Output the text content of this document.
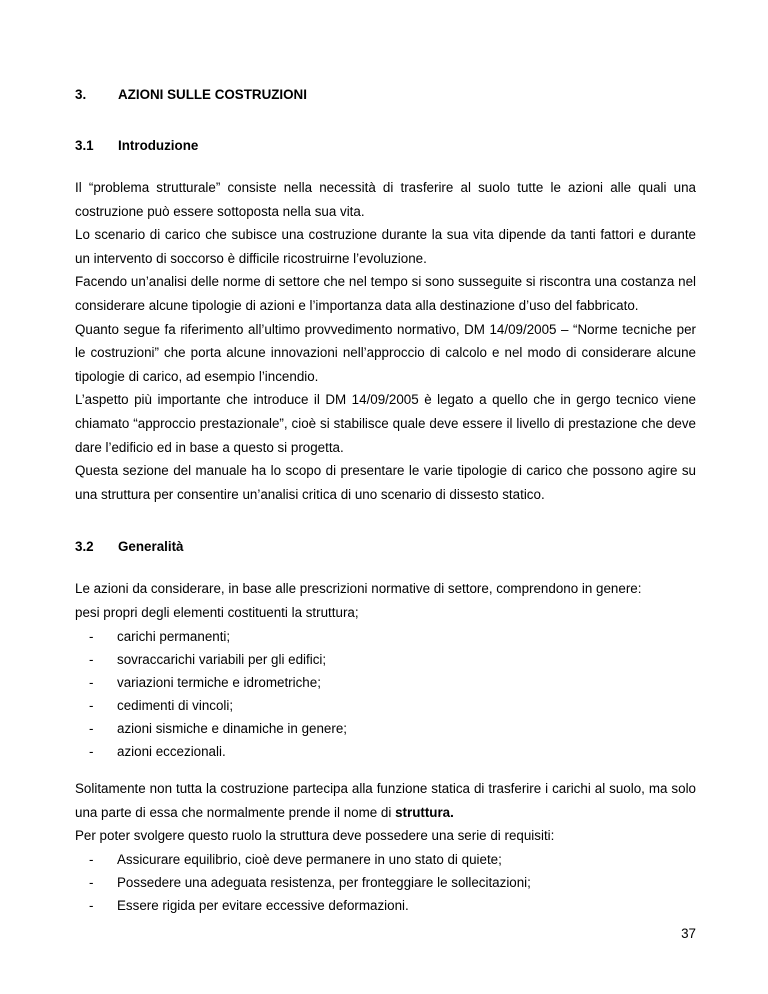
3. AZIONI SULLE COSTRUZIONI
3.1 Introduzione

Il “problema strutturale” consiste nella necessità di trasferire al suolo tutte le azioni alle quali una costruzione può essere sottoposta nella sua vita.

Lo scenario di carico che subisce una costruzione durante la sua vita dipende da tanti fattori e durante un intervento di soccorso è difficile ricostruirne l’evoluzione.

Facendo un’analisi delle norme di settore che nel tempo si sono susseguite si riscontra una costanza nel considerare alcune tipologie di azioni e l’importanza data alla destinazione d’uso del fabbricato.

Quanto segue fa riferimento all’ultimo provvedimento normativo, DM 14/09/2005 – “Norme tecniche per le costruzioni” che porta alcune innovazioni nell’approccio di calcolo e nel modo di considerare alcune tipologie di carico, ad esempio l’incendio.

L’aspetto più importante che introduce il DM 14/09/2005 è legato a quello che in gergo tecnico viene chiamato “approccio prestazionale”, cioè si stabilisce quale deve essere il livello di prestazione che deve dare l’edificio ed in base a questo si progetta.

Questa sezione del manuale ha lo scopo di presentare le varie tipologie di carico che possono agire su una struttura per consentire un’analisi critica di uno scenario di dissesto statico.

3.2 Generalità

Le azioni da considerare, in base alle prescrizioni normative di settore, comprendono in genere:

pesi propri degli elementi costituenti la struttura;

- carichi permanenti;
- sovraccarichi variabili per gli edifici;
- variazioni termiche e idrometriche;
- cedimenti di vincoli;
- azioni sismiche e dinamiche in genere;
- azioni eccezionali.

Solitamente non tutta la costruzione partecipa alla funzione statica di trasferire i carichi al suolo, ma solo una parte di essa che normalmente prende il nome di struttura.

Per poter svolgere questo ruolo la struttura deve possedere una serie di requisiti:

- Assicurare equilibrio, cioè deve permanere in uno stato di quiete;
- Possedere una adeguata resistenza, per fronteggiare le sollecitazioni;
- Essere rigida per evitare eccessive deformazioni.
37
